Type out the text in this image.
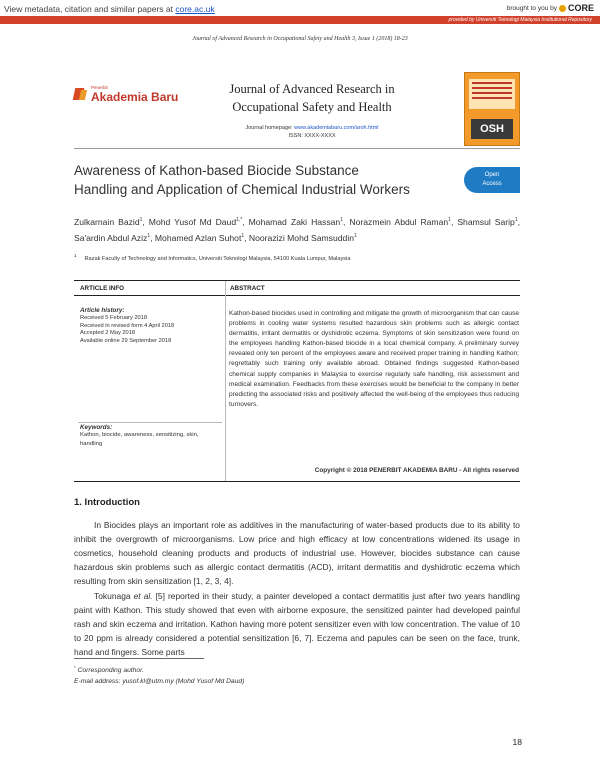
View metadata, citation and similar papers at core.ac.uk	brought to you by CORE
provided by Universiti Teknologi Malaysia Institutional Repository
Journal of Advanced Research in Occupational Safety and Health 3, Issue 1 (2018) 18-23
Penerbit
Akademia Baru
Journal of Advanced Research in
Occupational Safety and Health
Journal homepage: www.akademiabaru.com/aroh.html
ISSN: XXXX-XXXX
OSH
Awareness of Kathon-based Biocide Substance Handling and Application of Chemical Industrial Workers
Open
Access
Zulkarnain Bazid$^1$, Mohd Yusof Md Daud$^{1,*}$, Mohamad Zaki Hassan$^1$, Norazmein Abdul Raman$^1$, Shamsul Sarip$^1$, Sa'ardin Abdul Aziz$^1$, Mohamed Azlan Suhot$^1$, Noorazizi Mohd Samsuddin$^1$
$^1$Razak Faculty of Technology and Informatics, Universiti Teknologi Malaysia, 54100 Kuala Lumpur, Malaysia
ARTICLE INFO	ABSTRACT
Article history:
Received 5 February 2018
Received in revised form 4 April 2018
Accepted 2 May 2018
Available online 29 September 2018
Keywords:
Kathon, biocide, awareness, sensitizing, skin, handling
Kathon-based biocides used in controlling and mitigate the growth of microorganism that can cause problems in cooling water systems resulted hazardous skin problems such as allergic contact dermatitis, irritant dermatitis or dyshidrotic eczema. Symptoms of skin sensitization were found on the employees handling Kathon-based biocide in a local chemical company. A preliminary survey revealed only ten percent of the employees aware and received proper training in handling Kathon; regrettably such training only available abroad. Obtained findings suggested Kathon-based chemical supply companies in Malaysia to exercise regularly safe handling, risk assessment and medical examination. Feedbacks from these exercises would be beneficial to the company in better predicting the associated risks and positively affected the well-being of the employees thus reducing turnovers.
Copyright © 2018 PENERBIT AKADEMIA BARU - All rights reserved
1. Introduction
In Biocides plays an important role as additives in the manufacturing of water-based products due to its ability to inhibit the overgrowth of microorganisms. Low price and high efficacy at low concentrations widened its usage in cosmetics, household cleaning products and products of industrial use. However, biocides substance can cause hazardous skin problems such as allergic contact dermatitis (ACD), irritant dermatitis and dyshidrotic eczema which resulting from skin sensitization [1, 2, 3, 4].
Tokunaga et al. [5] reported in their study, a painter developed a contact dermatitis just after two years handling paint with Kathon. This study showed that even with airborne exposure, the sensitized painter had developed painful rash and skin eczema and irritation. Kathon having more potent sensitizer even with low concentration. The value of 10 to 20 ppm is already considered a potential sensitization [6, 7]. Eczema and papules can be seen on the face, trunk, hand and fingers. Some parts
* Corresponding author.
E-mail address: yusof.kl@utm.my (Mohd Yusof Md Daud)
18
